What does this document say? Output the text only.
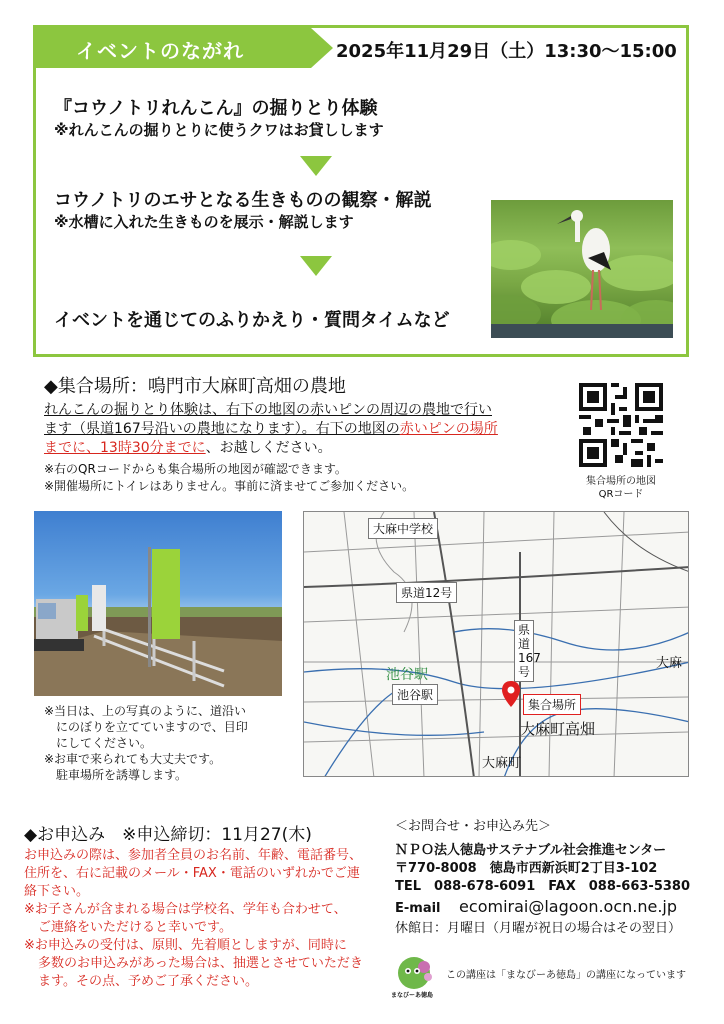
イベントのながれ	2025年11月29日（土）13:30〜15:00
『コウノトリれんこん』の掘りとり体験
※れんこんの掘りとりに使うクワはお貸しします
コウノトリのエサとなる生きものの観察・解説
※水槽に入れた生きものを展示・解説します
イベントを通じてのふりかえり・質問タイムなど
◆集合場所：鳴門市大麻町高畑の農地
れんこんの掘りとり体験は、右下の地図の赤いピンの周辺の農地で行い
ます（県道167号沿いの農地になります）。右下の地図の赤いピンの場所
までに、13時30分までに、お越しください。
※右のQRコードからも集合場所の地図が確認できます。
※開催場所にトイレはありません。事前に済ませてご参加ください。	集合場所の地図
QRコード
※当日は、上の写真のように、道沿い
にのぼりを立てていますので、目印
にしてください。
※お車で来られても大丈夫です。
駐車場所を誘導します。
大麻中学校
県道12号
県道167号
池谷駅
池谷駅
集合場所
大麻町高畑
大麻町
大麻
◆お申込み　※申込締切：11月27(木)
お申込みの際は、参加者全員のお名前、年齢、電話番号、
住所を、右に記載のメール・FAX・電話のいずれかでご連
絡下さい。
※お子さんが含まれる場合は学校名、学年も合わせて、
ご連絡をいただけると幸いです。
※お申込みの受付は、原則、先着順としますが、同時に
多数のお申込みがあった場合は、抽選とさせていただき
ます。その点、予めご了承ください。
＜お問合せ・お申込み先＞
ＮＰＯ法人徳島サステナブル社会推進センター
〒770-8008　徳島市西新浜町2丁目3-102
TEL　088-678-6091　FAX　088-663-5380
E-mail ecomirai@lagoon.ocn.ne.jp
休館日：月曜日（月曜が祝日の場合はその翌日）
まなびーあ徳島
この講座は「まなびーあ徳島」の講座になっています
